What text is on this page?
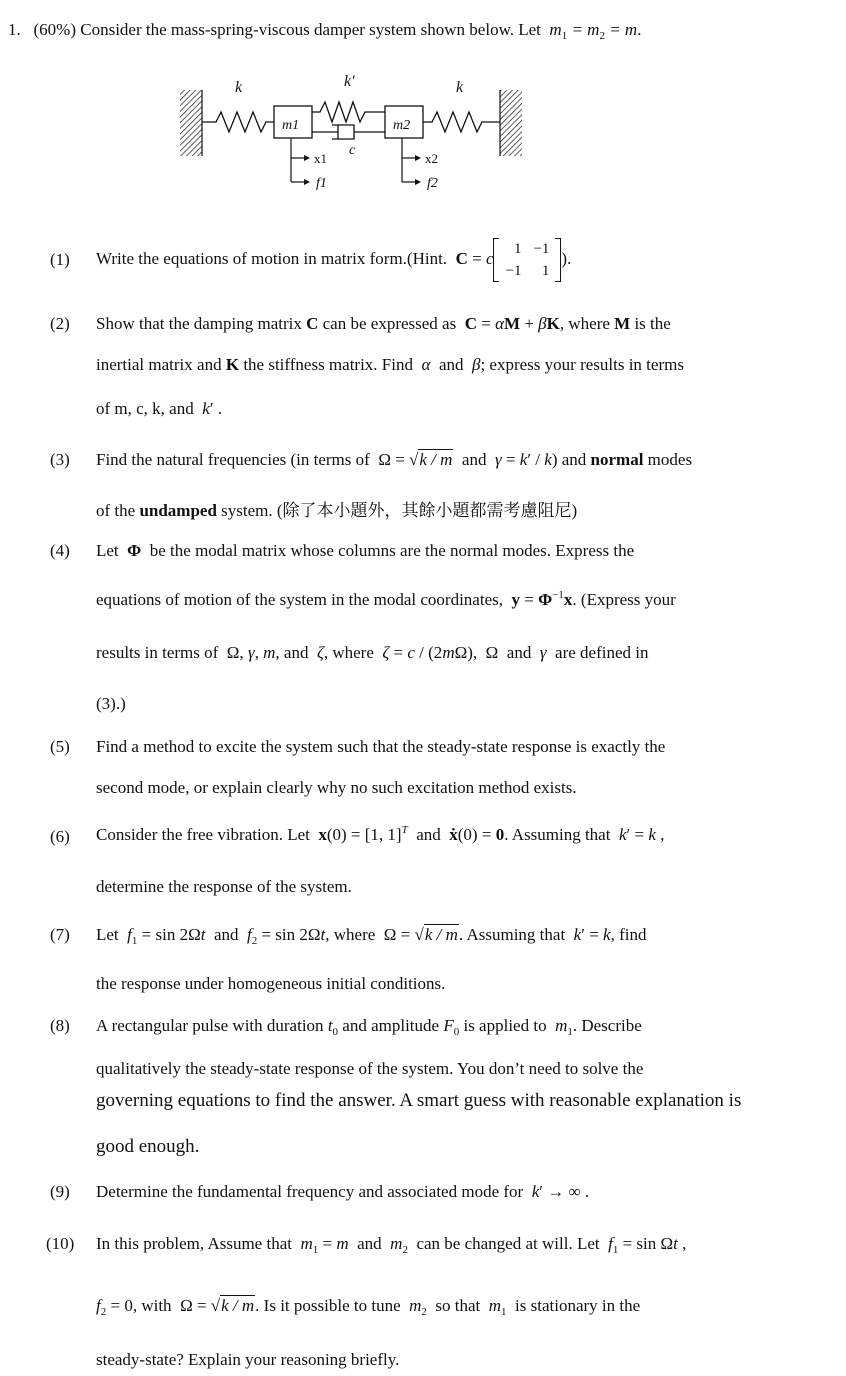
1. (60%) Consider the mass-spring-viscous damper system shown below. Let $m_1 = m_2 = m$.
k	k'	k
m1	m2
c
x1
f1
x2
f2
(1) Write the equations of motion in matrix form.(Hint. C = c 1	−1
−1	1
).
(2) Show that the damping matrix C can be expressed as C = αM + βK, where M is the
inertial matrix and K the stiffness matrix. Find α and β; express your results in terms
of m, c, k, and k′ .
(3) Find the natural frequencies (in terms of  Ω = √k / m and γ = k′ / k) and normal modes
of the undamped system. (除了本小題外，其餘小題都需考慮阻尼)
(4) Let Φ be the modal matrix whose columns are the normal modes. Express the
equations of motion of the system in the modal coordinates, $y = \Phi^{-1}x$. (Express your
results in terms of  Ω, γ, m, and ζ, where ζ = c / (2mΩ),  Ω  and γ are defined in
(3).)
(5) Find a method to excite the system such that the steady-state response is exactly the
second mode, or explain clearly why no such excitation method exists.
(6) Consider the free vibration. Let x(0) = [1, 1]$^T$ and ẋ(0) = 0. Assuming that k′ = k ,
determine the response of the system.
(7) Let $f_1 = \sin 2\Omega t$ and $f_2 = \sin 2\Omega t$, where  Ω = √k / m. Assuming that k′ = k, find
the response under homogeneous initial conditions.
(8) A rectangular pulse with duration $t_0$ and amplitude $F_0$ is applied to $m_1$. Describe
qualitatively the steady-state response of the system. You don’t need to solve the
governing equations to find the answer. A smart guess with reasonable explanation is
good enough.
(9) Determine the fundamental frequency and associated mode for k′ → ∞ .
(10) In this problem, Assume that $m_1 = m$ and $m_2$ can be changed at will. Let $f_1 = \sin \Omega t$ ,
$f_2 = 0$, with  Ω = √k / m. Is it possible to tune $m_2$ so that $m_1$ is stationary in the
steady-state? Explain your reasoning briefly.
